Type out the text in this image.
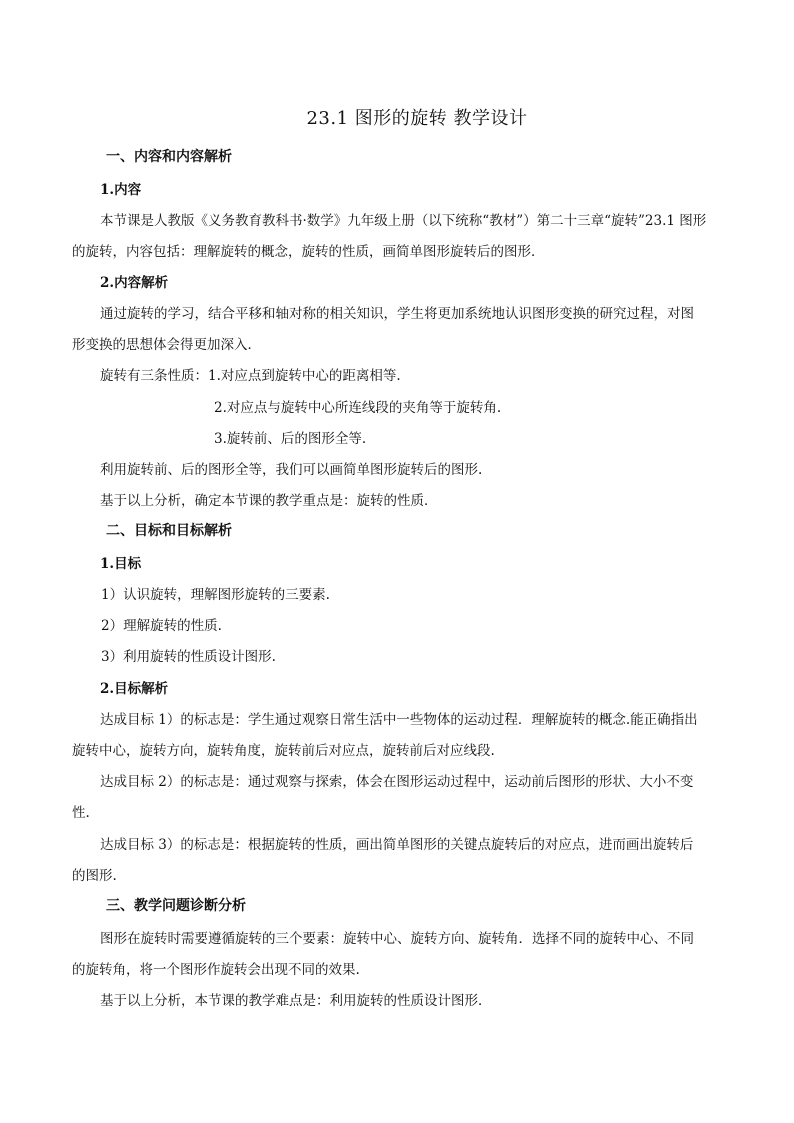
23.1 图形的旋转 教学设计
一、内容和内容解析
1.内容
本节课是人教版《义务教育教科书·数学》九年级上册（以下统称“教材”）第二十三章“旋转”23.1 图形
的旋转，内容包括：理解旋转的概念，旋转的性质，画简单图形旋转后的图形．
2.内容解析
通过旋转的学习，结合平移和轴对称的相关知识，学生将更加系统地认识图形变换的研究过程，对图
形变换的思想体会得更加深入．
旋转有三条性质：1.对应点到旋转中心的距离相等.
2.对应点与旋转中心所连线段的夹角等于旋转角.
3.旋转前、后的图形全等.
利用旋转前、后的图形全等，我们可以画简单图形旋转后的图形.
基于以上分析，确定本节课的教学重点是：旋转的性质．
二、目标和目标解析
1.目标
1）认识旋转，理解图形旋转的三要素.
2）理解旋转的性质.
3）利用旋转的性质设计图形.
2.目标解析
达成目标 1）的标志是：学生通过观察日常生活中一些物体的运动过程．理解旋转的概念.能正确指出
旋转中心，旋转方向，旋转角度，旋转前后对应点，旋转前后对应线段.
达成目标 2）的标志是：通过观察与探索，体会在图形运动过程中，运动前后图形的形状、大小不变
性.
达成目标 3）的标志是：根据旋转的性质，画出简单图形的关键点旋转后的对应点，进而画出旋转后
的图形.
三、教学问题诊断分析
图形在旋转时需要遵循旋转的三个要素：旋转中心、旋转方向、旋转角．选择不同的旋转中心、不同
的旋转角，将一个图形作旋转会出现不同的效果.
基于以上分析，本节课的教学难点是：利用旋转的性质设计图形．
